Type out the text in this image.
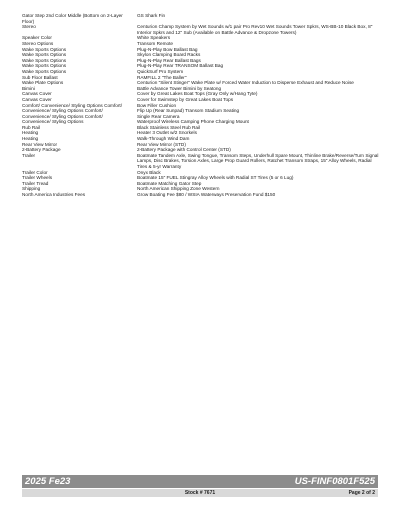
Gator Step 2nd Color Middle (Bottom on 2-Layer Floor)	GS Shark Fin
Stereo	Centurion Champ System by Wet Sounds w/1 pair Pro Rev10 Wet Sounds Tower Spkrs, WS-BB-10 Black Box, 8" Interior Spkrs and 12" Sub (Available on Battle Advance & Dropzone Towers)
Speaker Color	White Speakers
Stereo Options	Transom Remote
Wake Sports Options	Plug-N-Play Bow Ballast Bag
Wake Sports Options	Skylon Clamping Board Racks
Wake Sports Options	Plug-N-Play Rear Ballast Bags
Wake Sports Options	Plug-N-Play Rear TRANSOM Ballast Bag
Wake Sports Options	QuickSurf Pro System
Sub Floor Ballast	RAMFILL 2 "The Baller"
Wake Plate Options	Centurion "Silent Stinger" Wake Plate w/ Forced Water Induction to Disperse Exhaust and Reduce Noise
Bimini	Battle Advance Tower Bimini by Seatong
Canvas Cover	Cover by Great Lakes Boat Tops (Gray Only w/Hang Tyte)
Canvas Cover	Cover for Swimstep by Great Lakes Boat Tops
Comfort/ Convenience/ Styling Options Comfort/	Bow Filler Cushion
Convenience/ Styling Options Comfort/	Flip Up (Rear Sunpad) Transom Stadium Seating
Convenience/ Styling Options Comfort/	Single Rear Camera
Convenience/ Styling Options	Waterproof Wireless Camping Phone Charging Mount
Rub Rail	Black Stainless Steel Rub Rail
Heating	Heater 3 Outlet w/2 Snorkels
Heating	Walk-Through Wind Dam
Rear View Mirror	Rear View Mirror (STD)
2-Battery Package	2-Battery Package with Control Center (STD)
Trailer	Boatmate Tandem Axle, Swing Tongue, Transom Steps, Underhull Spare Mount, Thinline Brake/Reverse/Turn Signal Lamps, Disc Brakes, Torsion Axles, Large Prop Guard Rollers, Ratchet Transom Straps, 15" Alloy Wheels, Radial Tires & 5-yr Warranty
Trailer Color	Onyx Black
Trailer Wheels	Boatmate 15" FUEL Stingray Alloy Wheels with Radial ST Tires (5 or 6 Lug)
Trailer Tread	Boatmate Matching Gator Step
Shipping	North American Shipping Zone Western
North America Industries Fees	Grow Boating Fee $80 / WSIA Waterways Preservation Fund $150
2025 Fe23	US-FINF0801F525
Stock # 7671	Page 2 of 2
